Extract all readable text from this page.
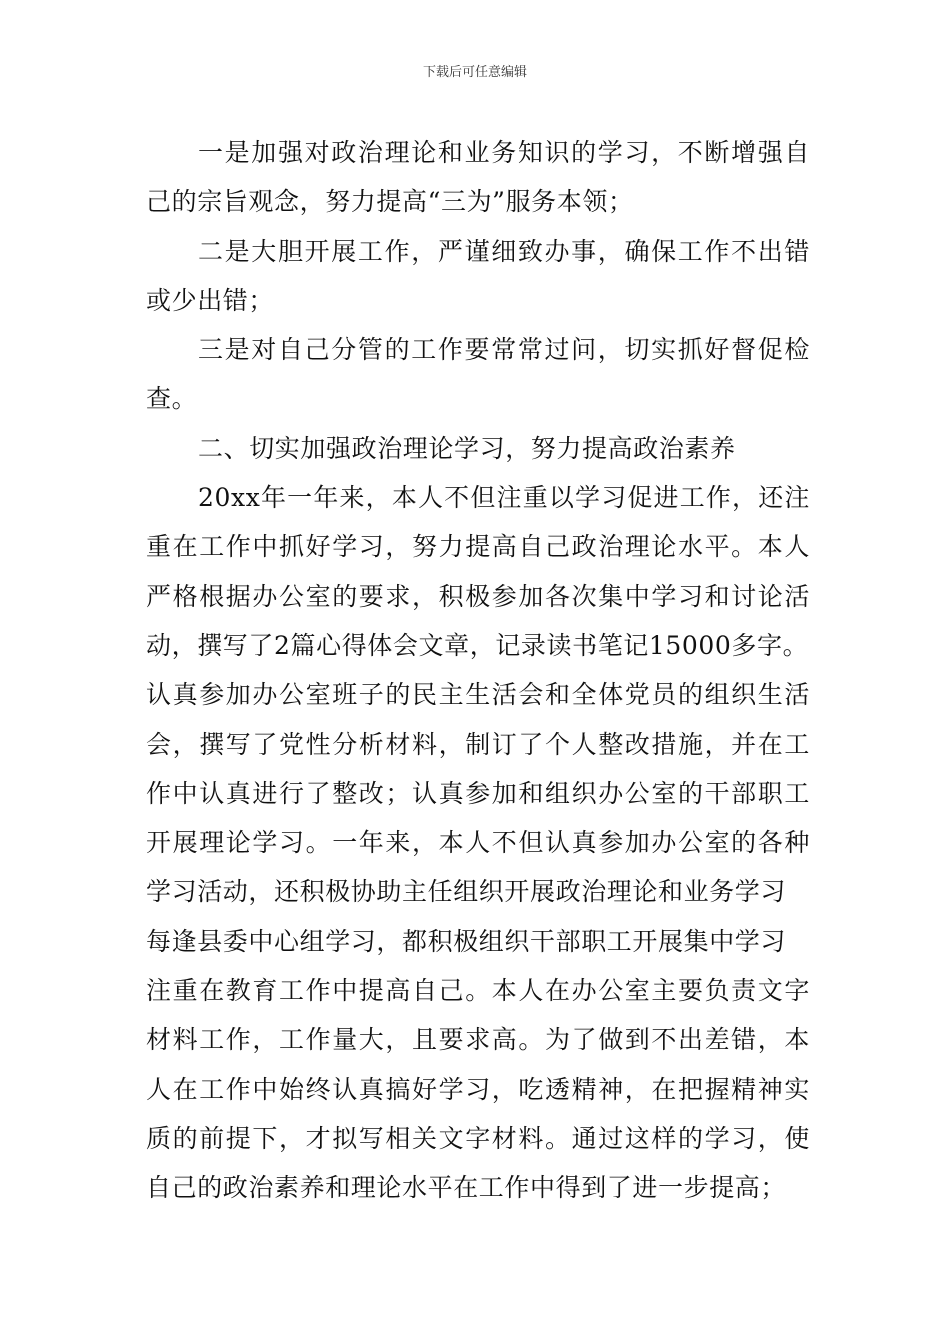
下载后可任意编辑

一是加强对政治理论和业务知识的学习，不断增强自己的宗旨观念，努力提高“三为”服务本领；

二是大胆开展工作，严谨细致办事，确保工作不出错或少出错；

三是对自己分管的工作要常常过问，切实抓好督促检查。

二、切实加强政治理论学习，努力提高政治素养

20xx年一年来，本人不但注重以学习促进工作，还注重在工作中抓好学习，努力提高自己政治理论水平。本人严格根据办公室的要求，积极参加各次集中学习和讨论活动，撰写了2篇心得体会文章，记录读书笔记15000多字。

认真参加办公室班子的民主生活会和全体党员的组织生活会，撰写了党性分析材料，制订了个人整改措施，并在工作中认真进行了整改；认真参加和组织办公室的干部职工开展理论学习。一年来，本人不但认真参加办公室的各种学习活动，还积极协助主任组织开展政治理论和业务学习

每逢县委中心组学习，都积极组织干部职工开展集中学习

注重在教育工作中提高自己。本人在办公室主要负责文字材料工作，工作量大，且要求高。为了做到不出差错，本人在工作中始终认真搞好学习，吃透精神，在把握精神实质的前提下，才拟写相关文字材料。通过这样的学习，使自己的政治素养和理论水平在工作中得到了进一步提高；
